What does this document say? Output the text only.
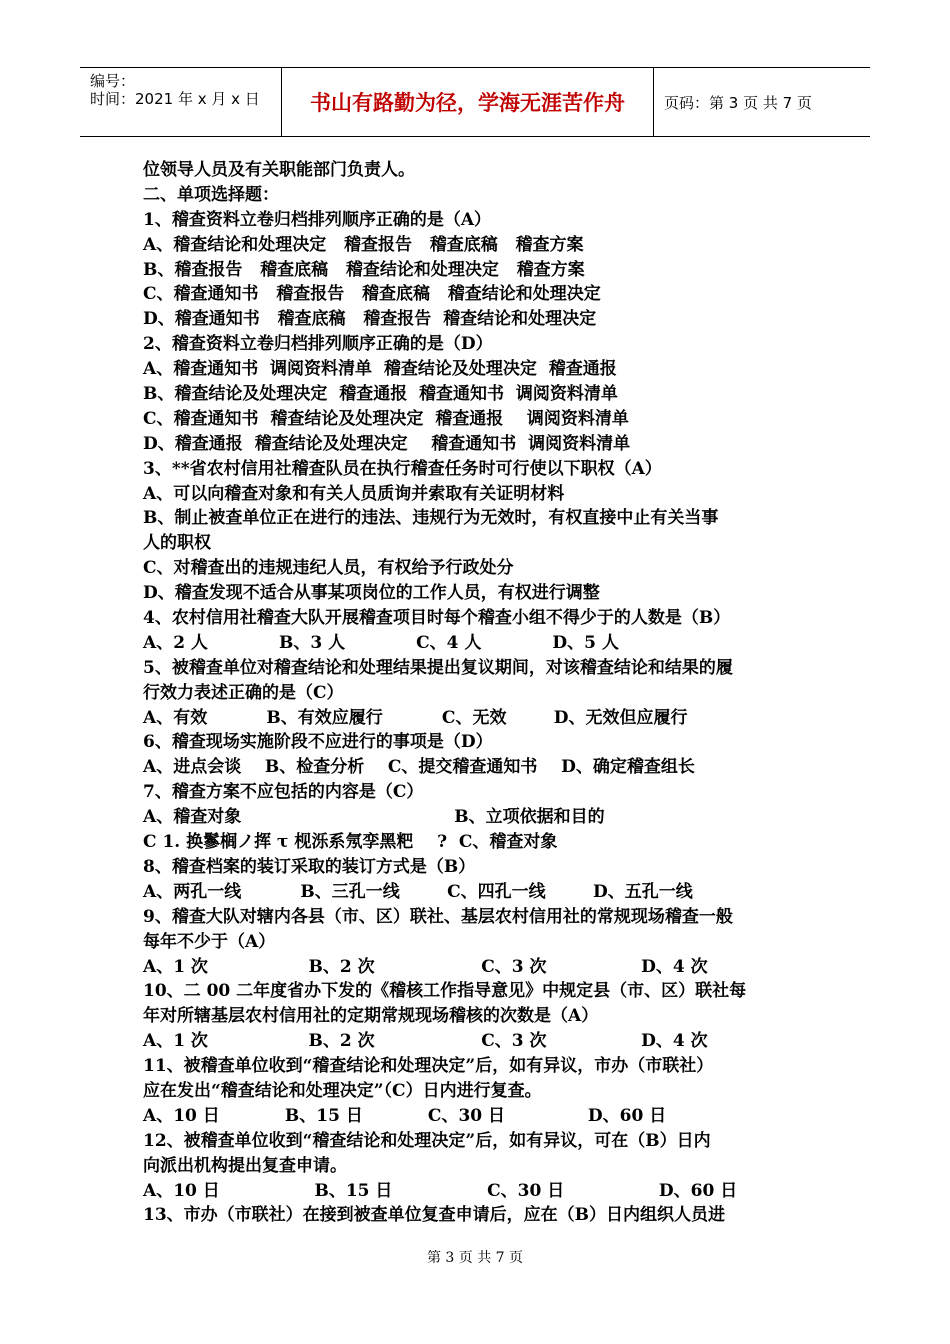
编号：
时间：2021 年 x 月 x 日	书山有路勤为径，学海无涯苦作舟	页码：第 3 页 共 7 页
位领导人员及有关职能部门负责人。
二、单项选择题：
1、稽查资料立卷归档排列顺序正确的是（A）
A、稽查结论和处理决定   稽查报告   稽查底稿   稽查方案
B、稽查报告   稽查底稿   稽查结论和处理决定   稽查方案
C、稽查通知书   稽查报告   稽查底稿   稽查结论和处理决定
D、稽查通知书   稽查底稿   稽查报告  稽查结论和处理决定
2、稽查资料立卷归档排列顺序正确的是（D）
A、稽查通知书  调阅资料清单  稽查结论及处理决定  稽查通报
B、稽查结论及处理决定  稽查通报  稽查通知书  调阅资料清单
C、稽查通知书  稽查结论及处理决定  稽查通报    调阅资料清单
D、稽查通报  稽查结论及处理决定    稽查通知书  调阅资料清单
3、**省农村信用社稽查队员在执行稽查任务时可行使以下职权（A）
A、可以向稽查对象和有关人员质询并索取有关证明材料
B、制止被查单位正在进行的违法、违规行为无效时，有权直接中止有关当事
人的职权
C、对稽查出的违规违纪人员，有权给予行政处分
D、稽查发现不适合从事某项岗位的工作人员，有权进行调整
4、农村信用社稽查大队开展稽查项目时每个稽查小组不得少于的人数是（B）
A、2 人            B、3 人            C、4 人            D、5 人
5、被稽查单位对稽查结论和处理结果提出复议期间，对该稽查结论和结果的履
行效力表述正确的是（C）
A、有效          B、有效应履行          C、无效        D、无效但应履行
6、稽查现场实施阶段不应进行的事项是（D）
A、进点会谈    B、检查分析    C、提交稽查通知书    D、确定稽查组长
7、稽查方案不应包括的内容是（C）
A、稽查对象                                    B、立项依据和目的
C 1. 换鬖榈ノ挥 τ 枧泺系氖孪黑粑    ?  C、稽查对象
8、稽查档案的装订采取的装订方式是（B）
A、两孔一线          B、三孔一线        C、四孔一线        D、五孔一线
9、稽查大队对辖内各县（市、区）联社、基层农村信用社的常规现场稽查一般
每年不少于（A）
A、1 次                 B、2 次                  C、3 次                D、4 次
10、二 00 二年度省办下发的《稽核工作指导意见》中规定县（市、区）联社每
年对所辖基层农村信用社的定期常规现场稽核的次数是（A）
A、1 次                 B、2 次                  C、3 次                D、4 次
11、被稽查单位收到“稽查结论和处理决定”后，如有异议，市办（市联社）
应在发出“稽查结论和处理决定”（C）日内进行复查。
A、10 日           B、15 日           C、30 日              D、60 日
12、被稽查单位收到“稽查结论和处理决定”后，如有异议，可在（B）日内
向派出机构提出复查申请。
A、10 日                B、15 日                C、30 日                D、60 日
13、市办（市联社）在接到被查单位复查申请后，应在（B）日内组织人员进
第 3 页 共 7 页
